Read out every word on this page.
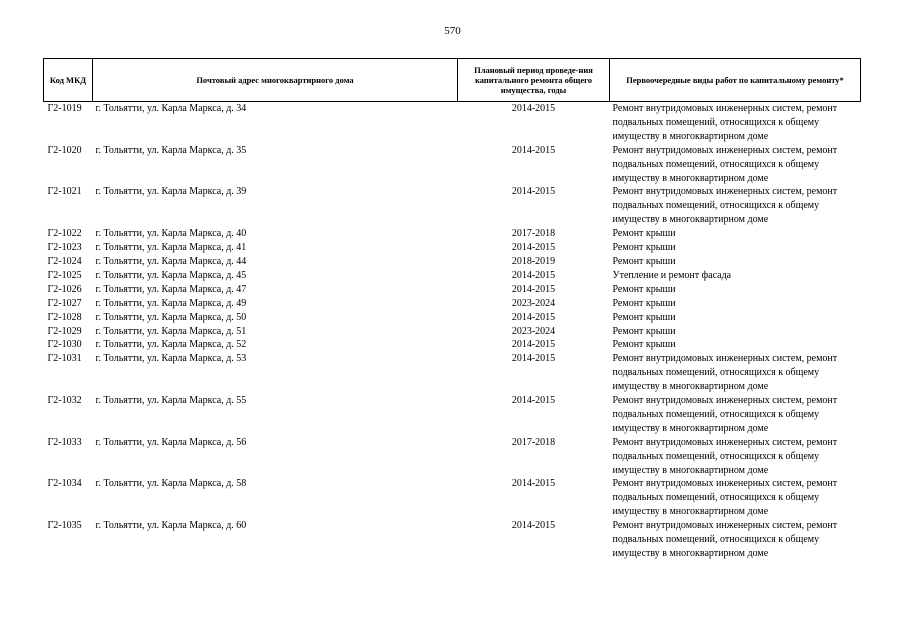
570
Код МКД	Почтовый адрес многоквартирного дома	Плановый период проведе-ния капитального ремонта общего имущества, годы	Первоочередные виды работ по капитальному ремонту*
Г2-1019	г. Тольятти, ул. Карла Маркса, д. 34	2014-2015	Ремонт внутридомовых инженерных систем, ремонт подвальных помещений, относящихся к общему имуществу в многоквартирном доме

Г2-1020	г. Тольятти, ул. Карла Маркса, д. 35	2014-2015	Ремонт внутридомовых инженерных систем, ремонт подвальных помещений, относящихся к общему имуществу в многоквартирном доме

Г2-1021	г. Тольятти, ул. Карла Маркса, д. 39	2014-2015	Ремонт внутридомовых инженерных систем, ремонт подвальных помещений, относящихся к общему имуществу в многоквартирном доме

Г2-1022	г. Тольятти, ул. Карла Маркса, д. 40	2017-2018	Ремонт крыши

Г2-1023	г. Тольятти, ул. Карла Маркса, д. 41	2014-2015	Ремонт крыши

Г2-1024	г. Тольятти, ул. Карла Маркса, д. 44	2018-2019	Ремонт крыши

Г2-1025	г. Тольятти, ул. Карла Маркса, д. 45	2014-2015	Утепление и ремонт фасада

Г2-1026	г. Тольятти, ул. Карла Маркса, д. 47	2014-2015	Ремонт крыши

Г2-1027	г. Тольятти, ул. Карла Маркса, д. 49	2023-2024	Ремонт крыши

Г2-1028	г. Тольятти, ул. Карла Маркса, д. 50	2014-2015	Ремонт крыши

Г2-1029	г. Тольятти, ул. Карла Маркса, д. 51	2023-2024	Ремонт крыши

Г2-1030	г. Тольятти, ул. Карла Маркса, д. 52	2014-2015	Ремонт крыши

Г2-1031	г. Тольятти, ул. Карла Маркса, д. 53	2014-2015	Ремонт внутридомовых инженерных систем, ремонт подвальных помещений, относящихся к общему имуществу в многоквартирном доме

Г2-1032	г. Тольятти, ул. Карла Маркса, д. 55	2014-2015	Ремонт внутридомовых инженерных систем, ремонт подвальных помещений, относящихся к общему имуществу в многоквартирном доме

Г2-1033	г. Тольятти, ул. Карла Маркса, д. 56	2017-2018	Ремонт внутридомовых инженерных систем, ремонт подвальных помещений, относящихся к общему имуществу в многоквартирном доме

Г2-1034	г. Тольятти, ул. Карла Маркса, д. 58	2014-2015	Ремонт внутридомовых инженерных систем, ремонт подвальных помещений, относящихся к общему имуществу в многоквартирном доме

Г2-1035	г. Тольятти, ул. Карла Маркса, д. 60	2014-2015	Ремонт внутридомовых инженерных систем, ремонт подвальных помещений, относящихся к общему имуществу в многоквартирном доме
